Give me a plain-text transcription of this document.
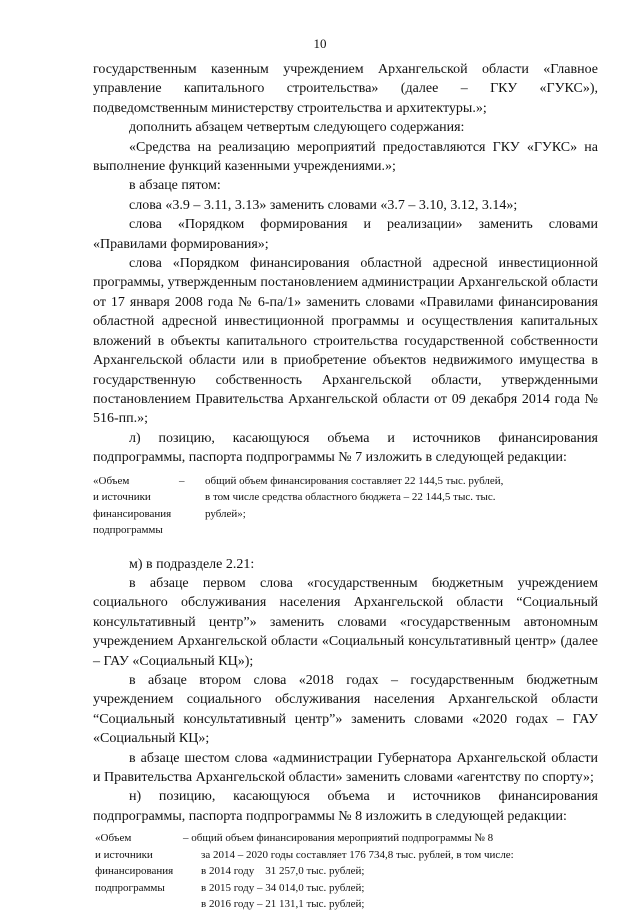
10

государственным казенным учреждением Архангельской области «Главное управление капитального строительства» (далее – ГКУ «ГУКС»), подведомственным министерству строительства и архитектуры.»;

дополнить абзацем четвертым следующего содержания:

«Средства на реализацию мероприятий предоставляются ГКУ «ГУКС» на выполнение функций казенными учреждениями.»;

в абзаце пятом:

слова «3.9 – 3.11, 3.13» заменить словами «3.7 – 3.10, 3.12, 3.14»;

слова «Порядком формирования и реализации» заменить словами «Правилами формирования»;

слова «Порядком финансирования областной адресной инвестиционной программы, утвержденным постановлением администрации Архангельской области от 17 января 2008 года № 6-па/1» заменить словами «Правилами финансирования областной адресной инвестиционной программы и осуществления капитальных вложений в объекты капитального строительства государственной собственности Архангельской области или в приобретение объектов недвижимого имущества в государственную собственность Архангельской области, утвержденными постановлением Правительства Архангельской области от 09 декабря 2014 года № 516-пп.»;

л) позицию, касающуюся объема и источников финансирования подпрограммы, паспорта подпрограммы № 7 изложить в следующей редакции:

«Объем
и источники
финансирования
подпрограммы
–	общий объем финансирования составляет 22 144,5 тыс. рублей,
в том числе средства областного бюджета – 22 144,5 тыс. тыс.
рублей»;

м) в подразделе 2.21:

в абзаце первом слова «государственным бюджетным учреждением социального обслуживания населения Архангельской области “Социальный консультативный центр”» заменить словами «государственным автономным учреждением Архангельской области «Социальный консультативный центр» (далее – ГАУ «Социальный КЦ»);

в абзаце втором слова «2018 годах – государственным бюджетным учреждением социального обслуживания населения Архангельской области “Социальный консультативный центр”» заменить словами «2020 годах – ГАУ «Социальный КЦ»;

в абзаце шестом слова «администрации Губернатора Архангельской области и Правительства Архангельской области» заменить словами «агентству по спорту»;

н) позицию, касающуюся объема и источников финансирования подпрограммы, паспорта подпрограммы № 8 изложить в следующей редакции:

«Объем
и источники
финансирования
подпрограммы
– общий объем финансирования мероприятий подпрограммы № 8
за 2014 – 2020 годы составляет 176 734,8 тыс. рублей, в том числе:
в 2014 году    31 257,0 тыс. рублей;
в 2015 году – 34 014,0 тыс. рублей;
в 2016 году – 21 131,1 тыс. рублей;
